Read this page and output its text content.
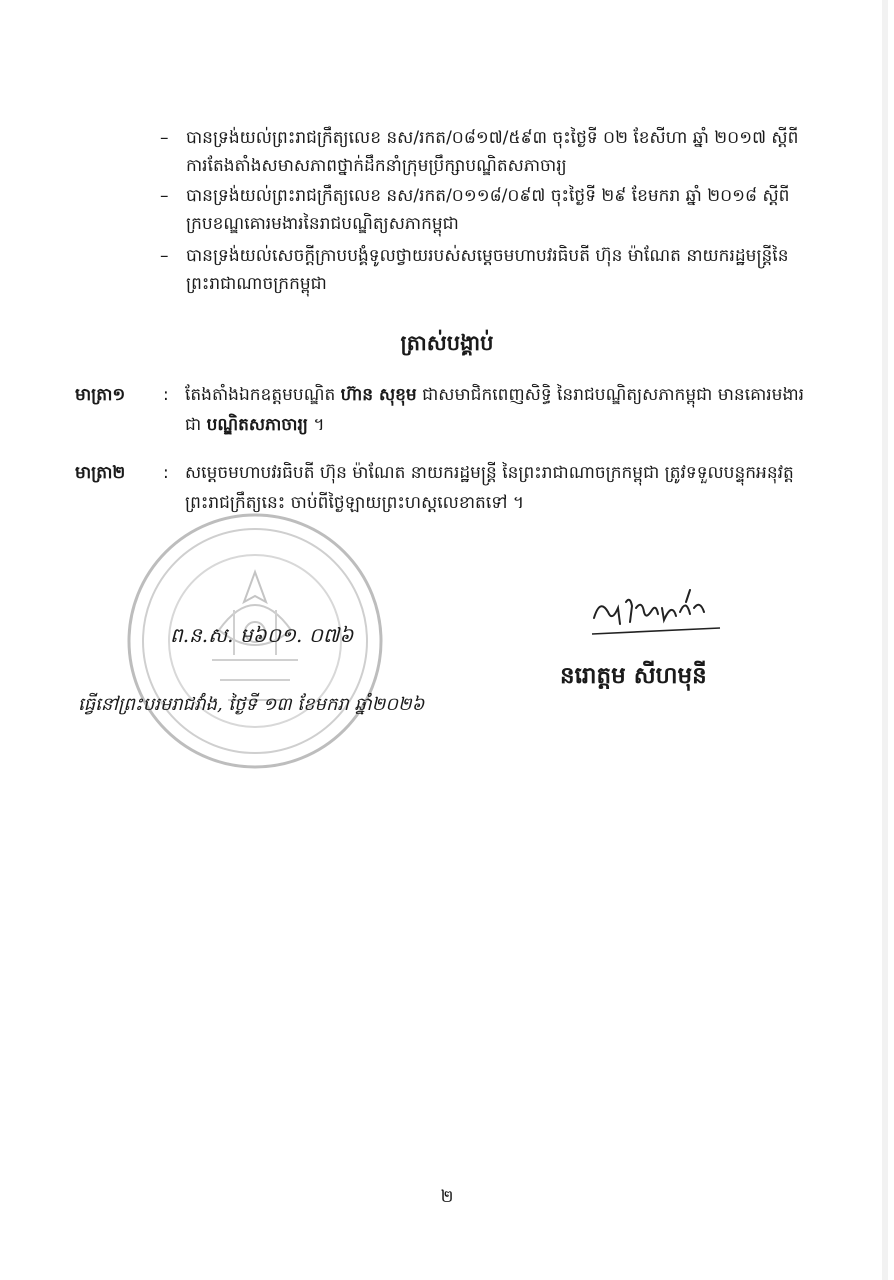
–	បានទ្រង់យល់ព្រះរាជក្រឹត្យលេខ នស/រកត/០៨១៧/៥៩៣ ចុះថ្ងៃទី ០២ ខែសីហា ឆ្នាំ ២០១៧ ស្តីពីការតែងតាំងសមាសភាពថ្នាក់ដឹកនាំក្រុមប្រឹក្សាបណ្ឌិតសភាចារ្យ
–	បានទ្រង់យល់ព្រះរាជក្រឹត្យលេខ នស/រកត/០១១៨/០៩៧ ចុះថ្ងៃទី ២៩ ខែមករា ឆ្នាំ ២០១៨ ស្តីពីក្របខណ្ឌគោរមងារនៃរាជបណ្ឌិត្យសភាកម្ពុជា
–	បានទ្រង់យល់សេចក្តីក្រាបបង្គំទូលថ្វាយរបស់សម្តេចមហាបវរធិបតី ហ៊ុន ម៉ាណែត នាយករដ្ឋមន្ត្រីនៃព្រះរាជាណាចក្រកម្ពុជា
ត្រាស់បង្គាប់
មាត្រា១	: តែងតាំងឯកឧត្តមបណ្ឌិត ហ៊ាន សុខុម ជាសមាជិកពេញសិទ្ធិ នៃរាជបណ្ឌិត្យសភាកម្ពុជា មានគោរមងារជា បណ្ឌិតសភាចារ្យ ។
មាត្រា២	: សម្តេចមហាបវរធិបតី ហ៊ុន ម៉ាណែត នាយករដ្ឋមន្ត្រី នៃព្រះរាជាណាចក្រកម្ពុជា ត្រូវទទួលបន្ទុកអនុវត្តព្រះរាជក្រឹត្យនេះ ចាប់ពីថ្ងៃឡាយព្រះហស្តលេខាតទៅ ។
ព.ន.ស. ម៦០១. ០៧៦
ធ្វើនៅព្រះបរមរាជវាំង, ថ្ងៃទី ១៣ ខែមករា ឆ្នាំ២០២៦
នរោត្តម សីហមុនី
២
